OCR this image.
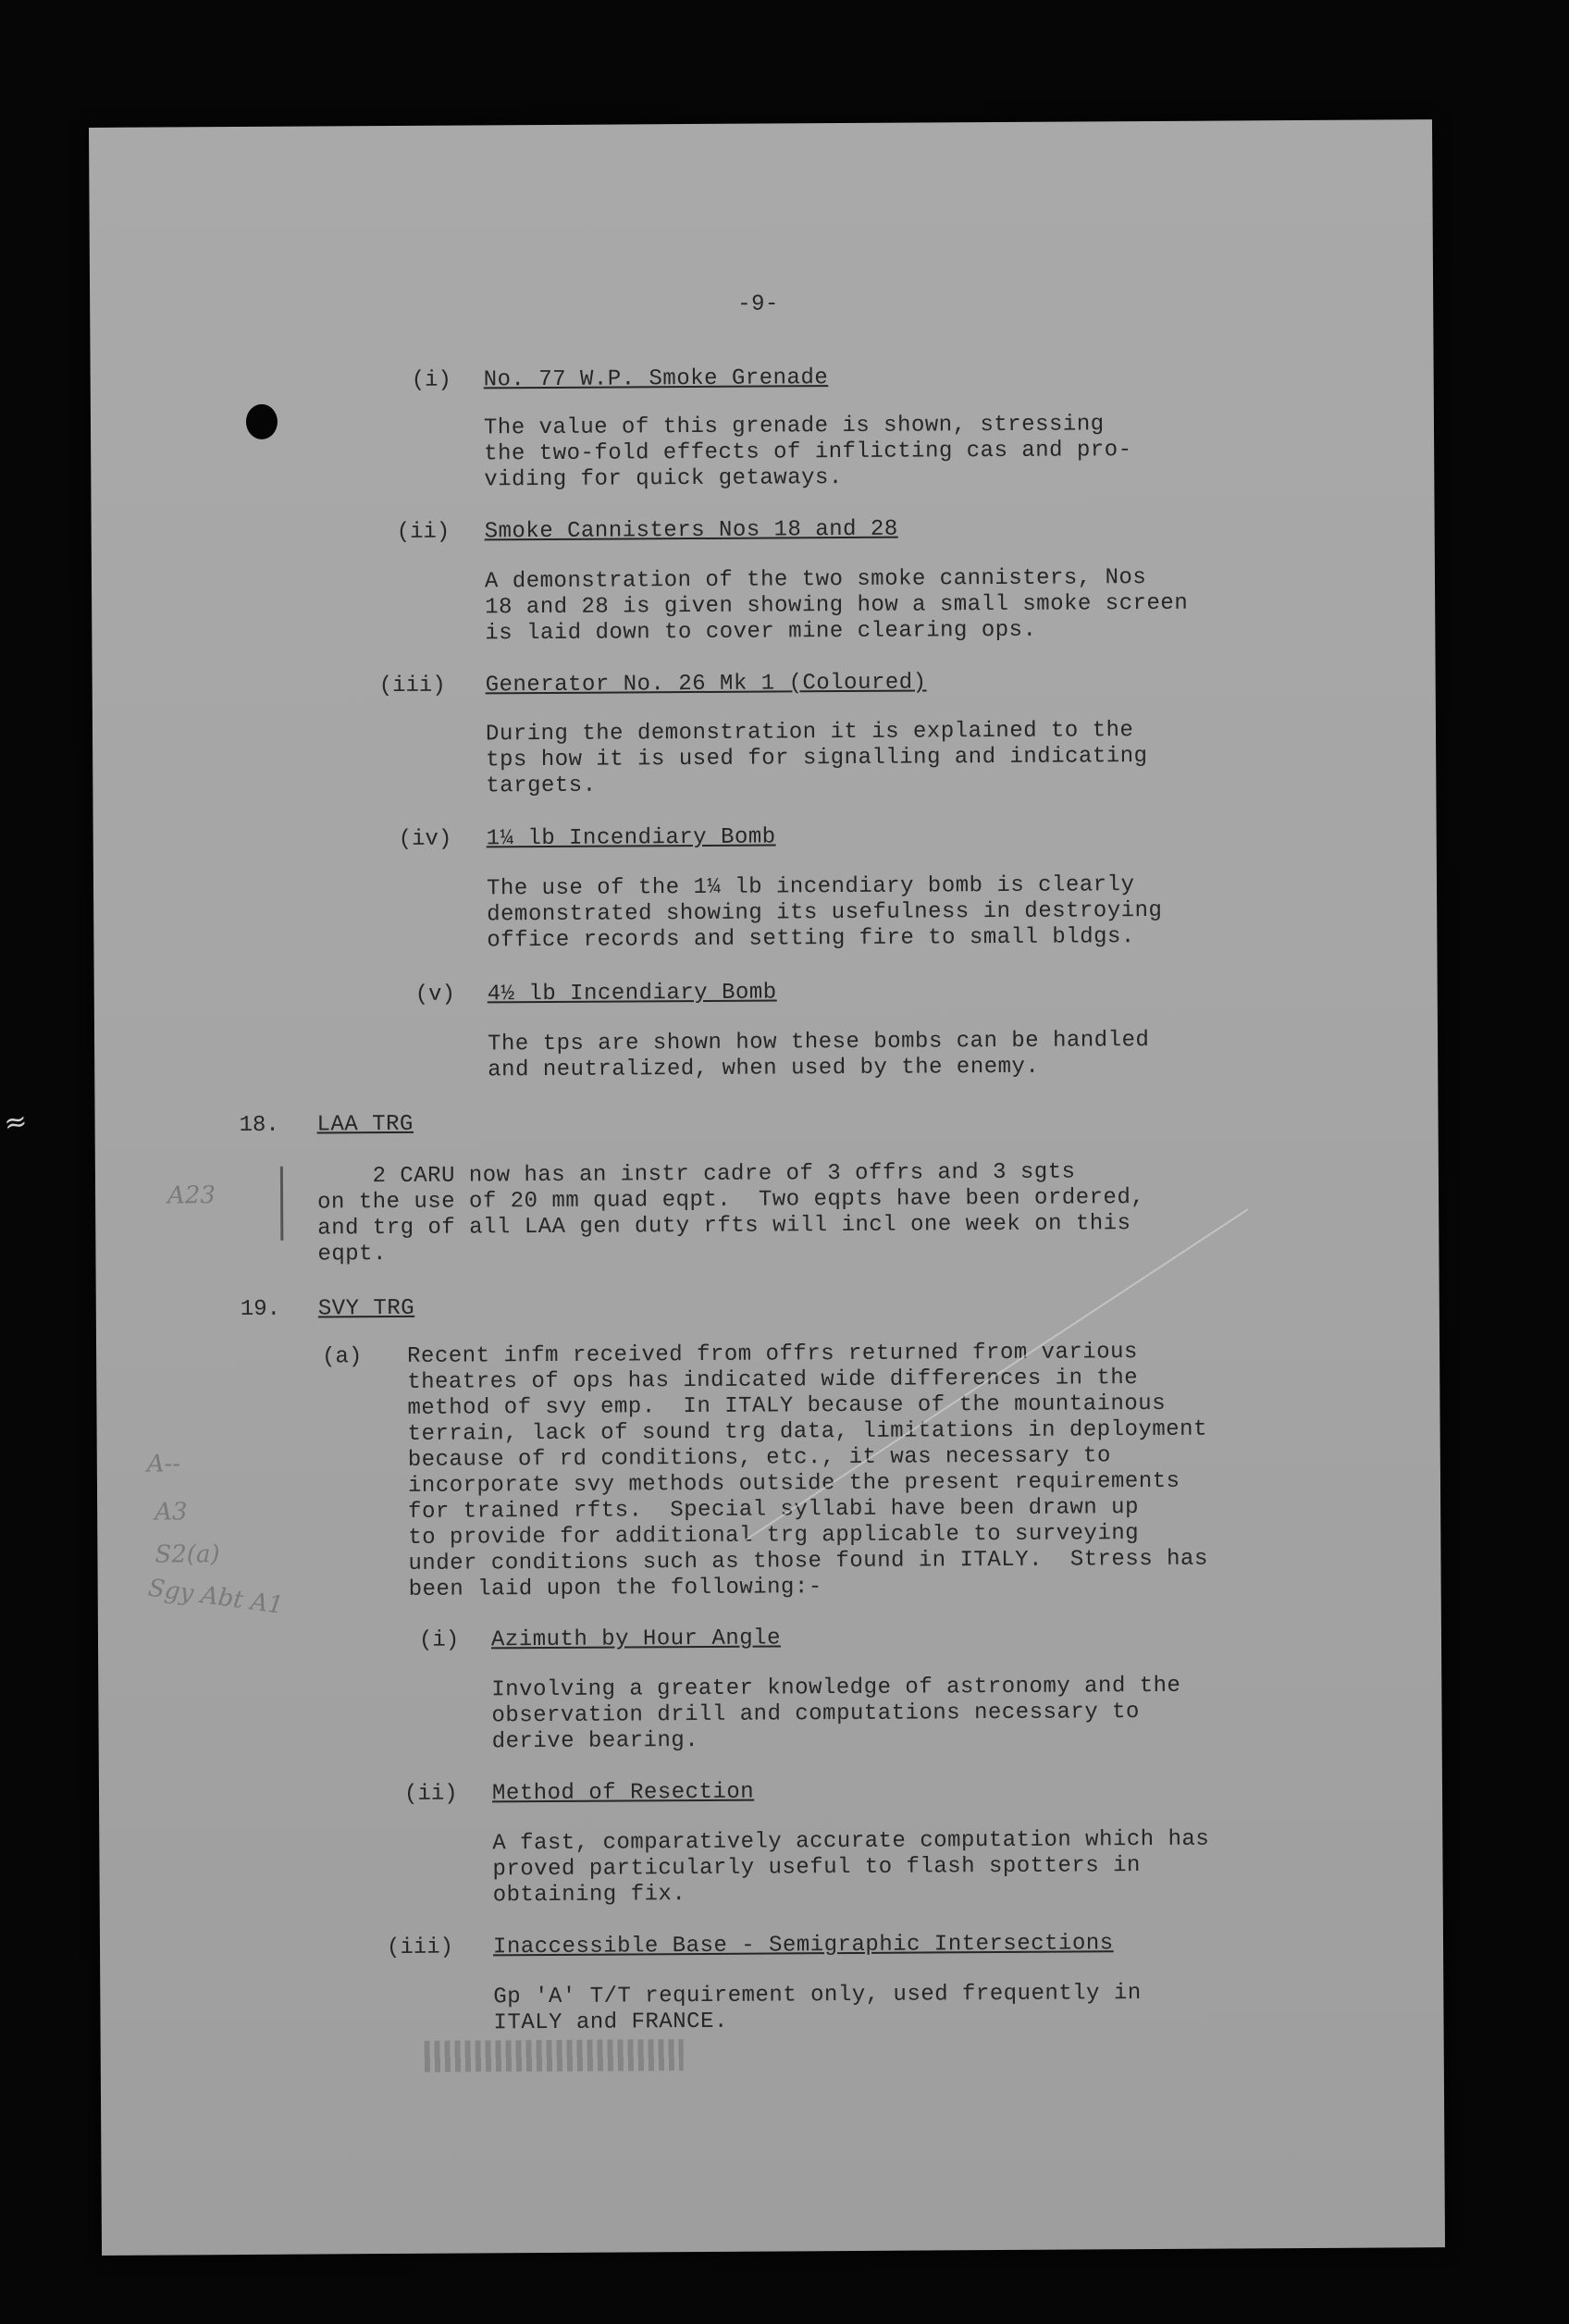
≈
-9-
(i) No. 77 W.P. Smoke Grenade
The value of this grenade is shown, stressing
the two-fold effects of inflicting cas and pro-
viding for quick getaways.
(ii) Smoke Cannisters Nos 18 and 28
A demonstration of the two smoke cannisters, Nos
18 and 28 is given showing how a small smoke screen
is laid down to cover mine clearing ops.
(iii) Generator No. 26 Mk 1 (Coloured)
During the demonstration it is explained to the
tps how it is used for signalling and indicating
targets.
(iv) 1¼ lb Incendiary Bomb
The use of the 1¼ lb incendiary bomb is clearly
demonstrated showing its usefulness in destroying
office records and setting fire to small bldgs.
(v) 4½ lb Incendiary Bomb
The tps are shown how these bombs can be handled
and neutralized, when used by the enemy.
18. LAA TRG
2 CARU now has an instr cadre of 3 offrs and 3 sgts
on the use of 20 mm quad eqpt.  Two eqpts have been ordered,
and trg of all LAA gen duty rfts will incl one week on this
eqpt.
A23
19. SVY TRG
(a) Recent infm received from offrs returned from various
theatres of ops has indicated wide differences in the
method of svy emp.  In ITALY because of the mountainous
terrain, lack of sound trg data, limitations in deployment
because of rd conditions, etc., it was necessary to
incorporate svy methods outside the present requirements
for trained rfts.  Special syllabi have been drawn up
to provide for additional trg applicable to surveying
under conditions such as those found in ITALY.  Stress has
been laid upon the following:-
(i) Azimuth by Hour Angle
Involving a greater knowledge of astronomy and the
observation drill and computations necessary to
derive bearing.
(ii) Method of Resection
A fast, comparatively accurate computation which has
proved particularly useful to flash spotters in
obtaining fix.
(iii) Inaccessible Base - Semigraphic Intersections
Gp 'A' T/T requirement only, used frequently in
ITALY and FRANCE.
A--
A3
S2(a)
Sgy Abt A1
